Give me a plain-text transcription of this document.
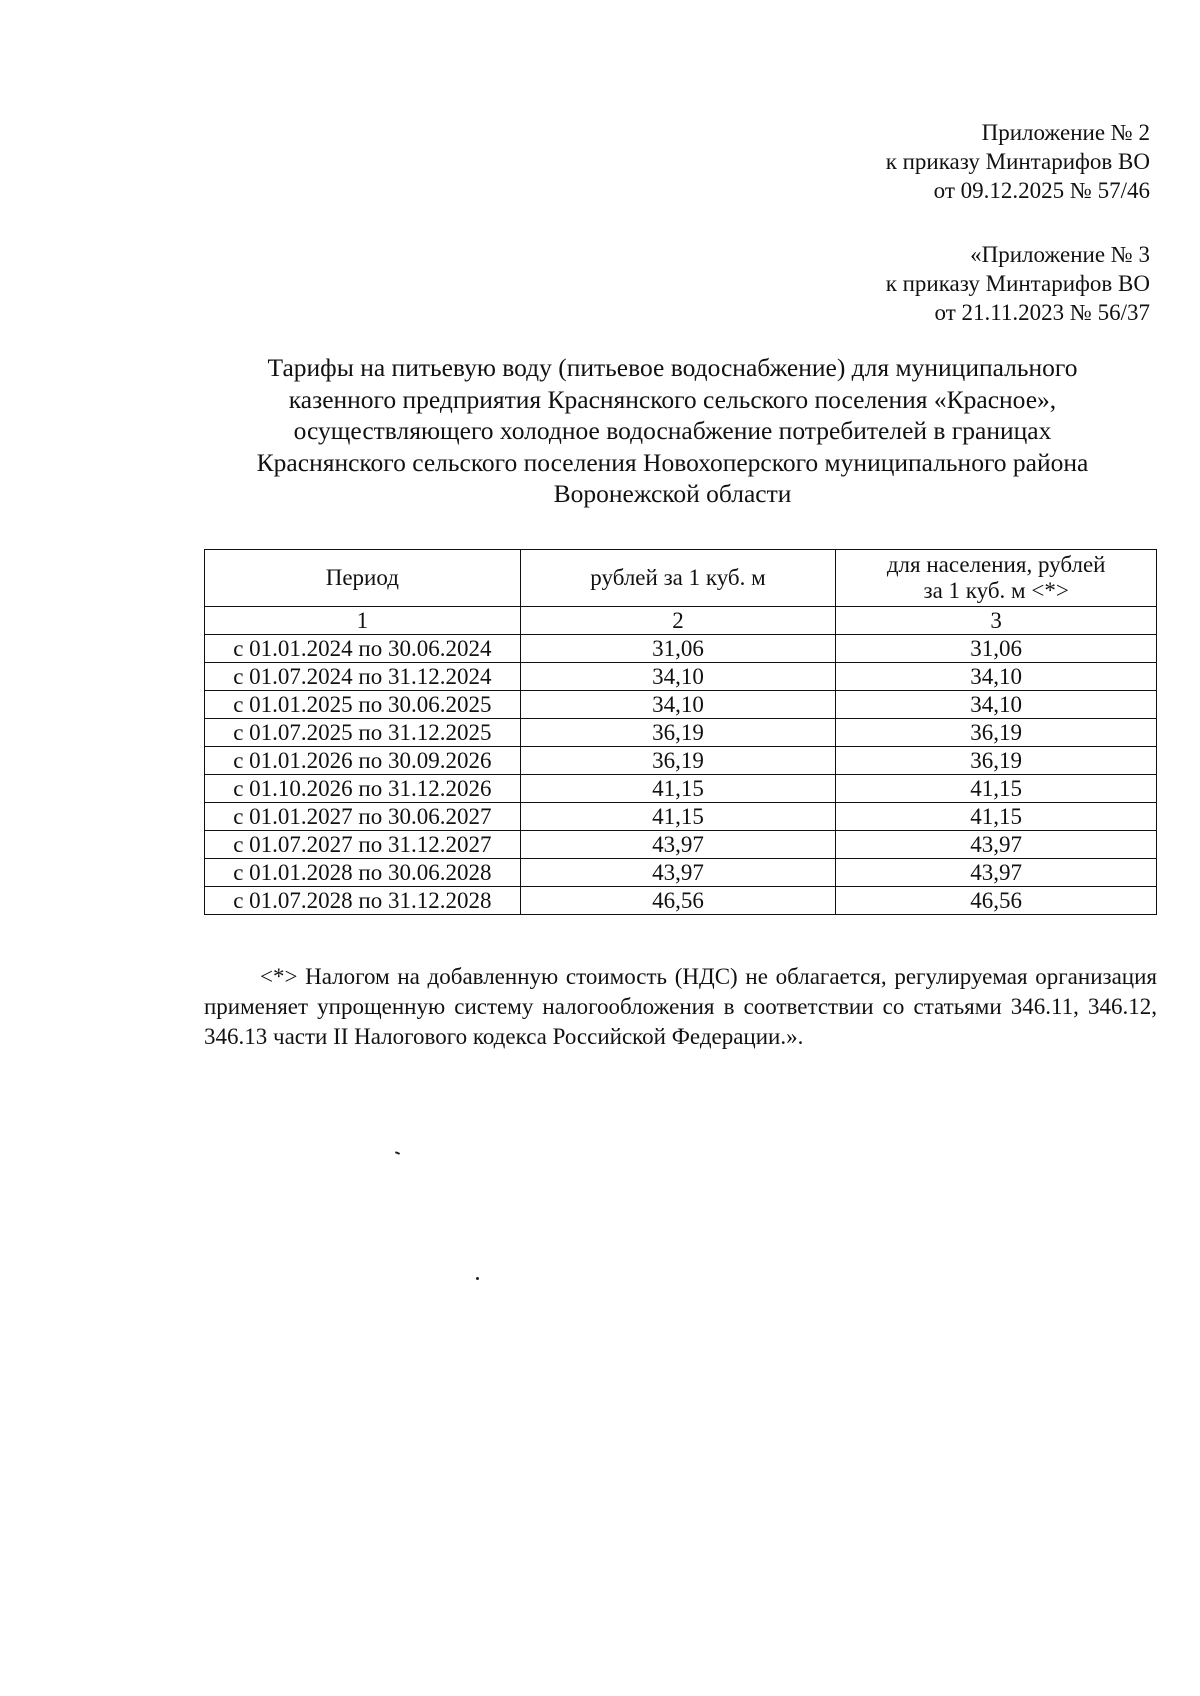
Приложение № 2
к приказу Минтарифов ВО
от 09.12.2025 № 57/46
«Приложение № 3
к приказу Минтарифов ВО
от 21.11.2023 № 56/37
Тарифы на питьевую воду (питьевое водоснабжение) для муниципального
казенного предприятия Краснянского сельского поселения «Красное»,
осуществляющего холодное водоснабжение потребителей в границах
Краснянского сельского поселения Новохоперского муниципального района
Воронежской области
Период	рублей за 1 куб. м	для населения, рублей
за 1 куб. м <*>
1	2	3
с 01.01.2024 по 30.06.2024	31,06	31,06
с 01.07.2024 по 31.12.2024	34,10	34,10
с 01.01.2025 по 30.06.2025	34,10	34,10
с 01.07.2025 по 31.12.2025	36,19	36,19
с 01.01.2026 по 30.09.2026	36,19	36,19
с 01.10.2026 по 31.12.2026	41,15	41,15
с 01.01.2027 по 30.06.2027	41,15	41,15
с 01.07.2027 по 31.12.2027	43,97	43,97
с 01.01.2028 по 30.06.2028	43,97	43,97
с 01.07.2028 по 31.12.2028	46,56	46,56
<*> Налогом на добавленную стоимость (НДС) не облагается, регулируемая организация применяет упрощенную систему налогообложения в соответствии со статьями 346.11, 346.12, 346.13 части II Налогового кодекса Российской Федерации.».
